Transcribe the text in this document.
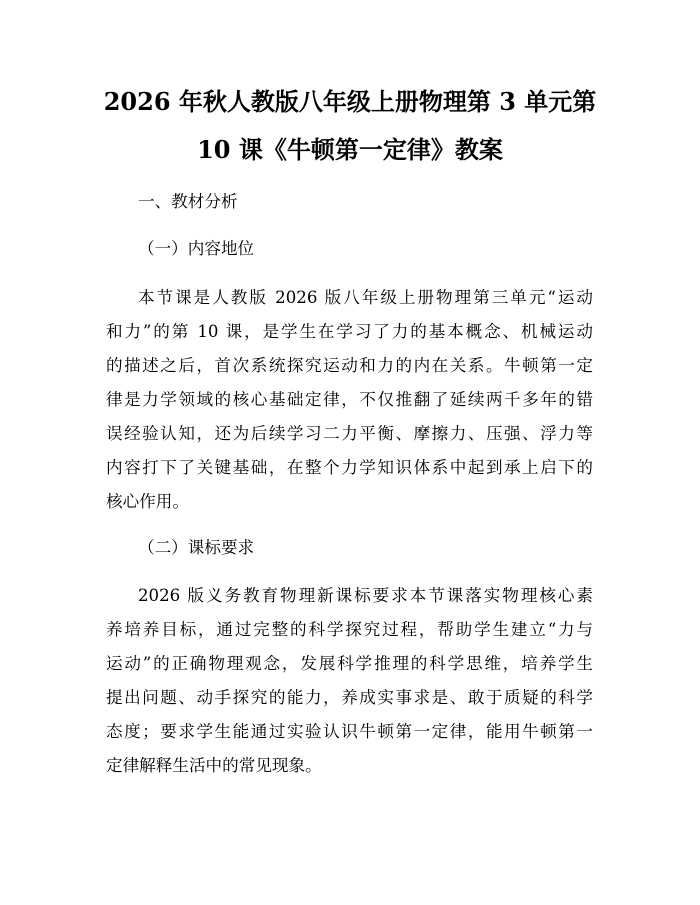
2026 年秋人教版八年级上册物理第 3 单元第
10 课《牛顿第一定律》教案
一、教材分析
（一）内容地位
本节课是人教版 2026 版八年级上册物理第三单元“运动
和力”的第 10 课，是学生在学习了力的基本概念、机械运动
的描述之后，首次系统探究运动和力的内在关系。牛顿第一定
律是力学领域的核心基础定律，不仅推翻了延续两千多年的错
误经验认知，还为后续学习二力平衡、摩擦力、压强、浮力等
内容打下了关键基础，在整个力学知识体系中起到承上启下的
核心作用。
（二）课标要求
2026 版义务教育物理新课标要求本节课落实物理核心素
养培养目标，通过完整的科学探究过程，帮助学生建立“力与
运动”的正确物理观念，发展科学推理的科学思维，培养学生
提出问题、动手探究的能力，养成实事求是、敢于质疑的科学
态度；要求学生能通过实验认识牛顿第一定律，能用牛顿第一
定律解释生活中的常见现象。
